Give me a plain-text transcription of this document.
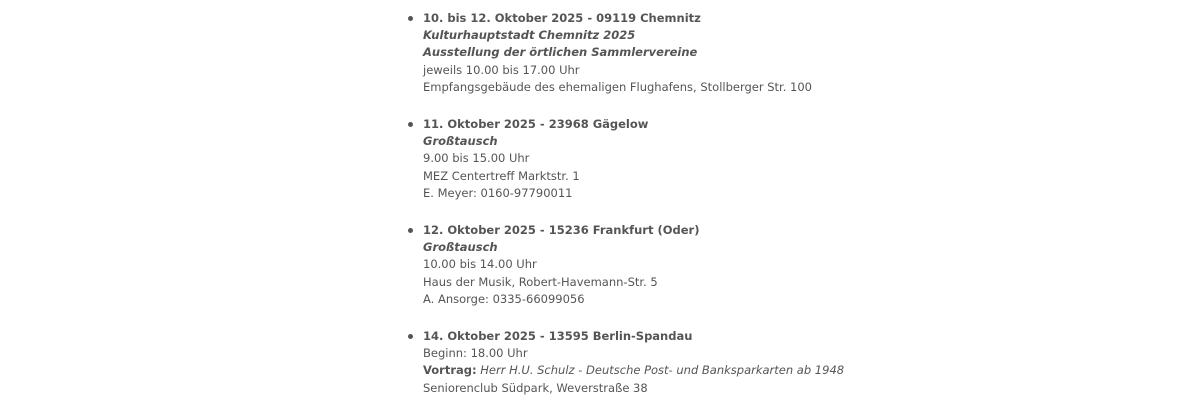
10. bis 12. Oktober 2025 - 09119 Chemnitz
Kulturhauptstadt Chemnitz 2025
Ausstellung der örtlichen Sammlervereine
jeweils 10.00 bis 17.00 Uhr
Empfangsgebäude des ehemaligen Flughafens, Stollberger Str. 100
11. Oktober 2025 - 23968 Gägelow
Großtausch
9.00 bis 15.00 Uhr
MEZ Centertreff Marktstr. 1
E. Meyer: 0160-97790011
12. Oktober 2025 - 15236 Frankfurt (Oder)
Großtausch
10.00 bis 14.00 Uhr
Haus der Musik, Robert-Havemann-Str. 5
A. Ansorge: 0335-66099056
14. Oktober 2025 - 13595 Berlin-Spandau
Beginn: 18.00 Uhr
Vortrag: Herr H.U. Schulz - Deutsche Post- und Banksparkarten ab 1948
Seniorenclub Südpark, Weverstraße 38
